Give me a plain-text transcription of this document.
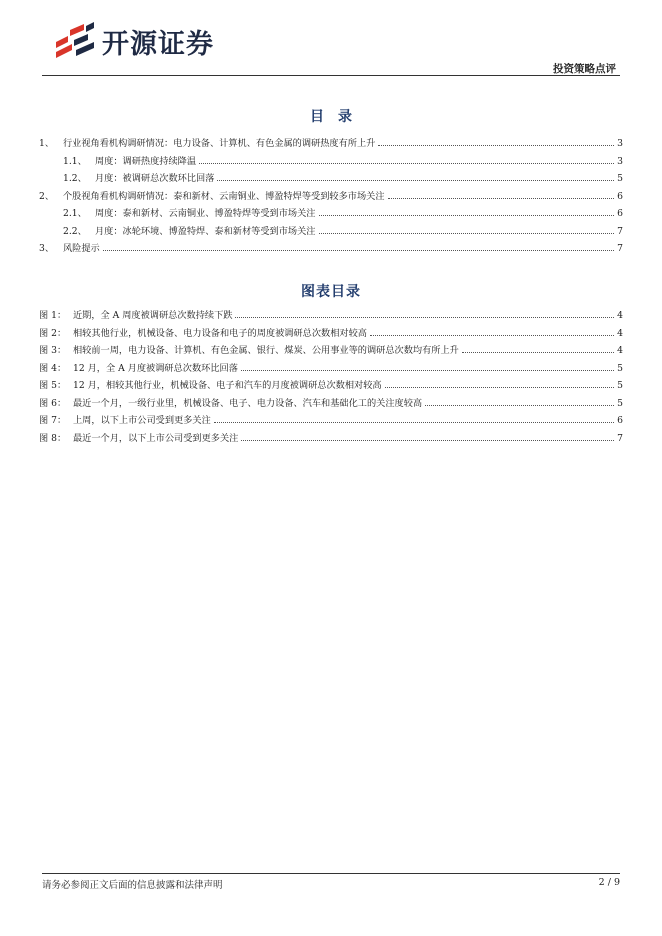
开源证券
投资策略点评
目录
1、 行业视角看机构调研情况：电力设备、计算机、有色金属的调研热度有所上升	3
1.1、 周度：调研热度持续降温	3
1.2、 月度：被调研总次数环比回落	5
2、 个股视角看机构调研情况：泰和新材、云南铜业、博盈特焊等受到较多市场关注	6
2.1、 周度：泰和新材、云南铜业、博盈特焊等受到市场关注	6
2.2、 月度：冰轮环境、博盈特焊、泰和新材等受到市场关注	7
3、 风险提示	7
图表目录
图 1： 近期，全 A 周度被调研总次数持续下跌	4
图 2： 相较其他行业，机械设备、电力设备和电子的周度被调研总次数相对较高	4
图 3： 相较前一周，电力设备、计算机、有色金属、银行、煤炭、公用事业等的调研总次数均有所上升	4
图 4： 12 月，全 A 月度被调研总次数环比回落	5
图 5： 12 月，相较其他行业，机械设备、电子和汽车的月度被调研总次数相对较高	5
图 6： 最近一个月，一级行业里，机械设备、电子、电力设备、汽车和基础化工的关注度较高	5
图 7： 上周，以下上市公司受到更多关注	6
图 8： 最近一个月，以下上市公司受到更多关注	7
请务必参阅正文后面的信息披露和法律声明	2 / 9
